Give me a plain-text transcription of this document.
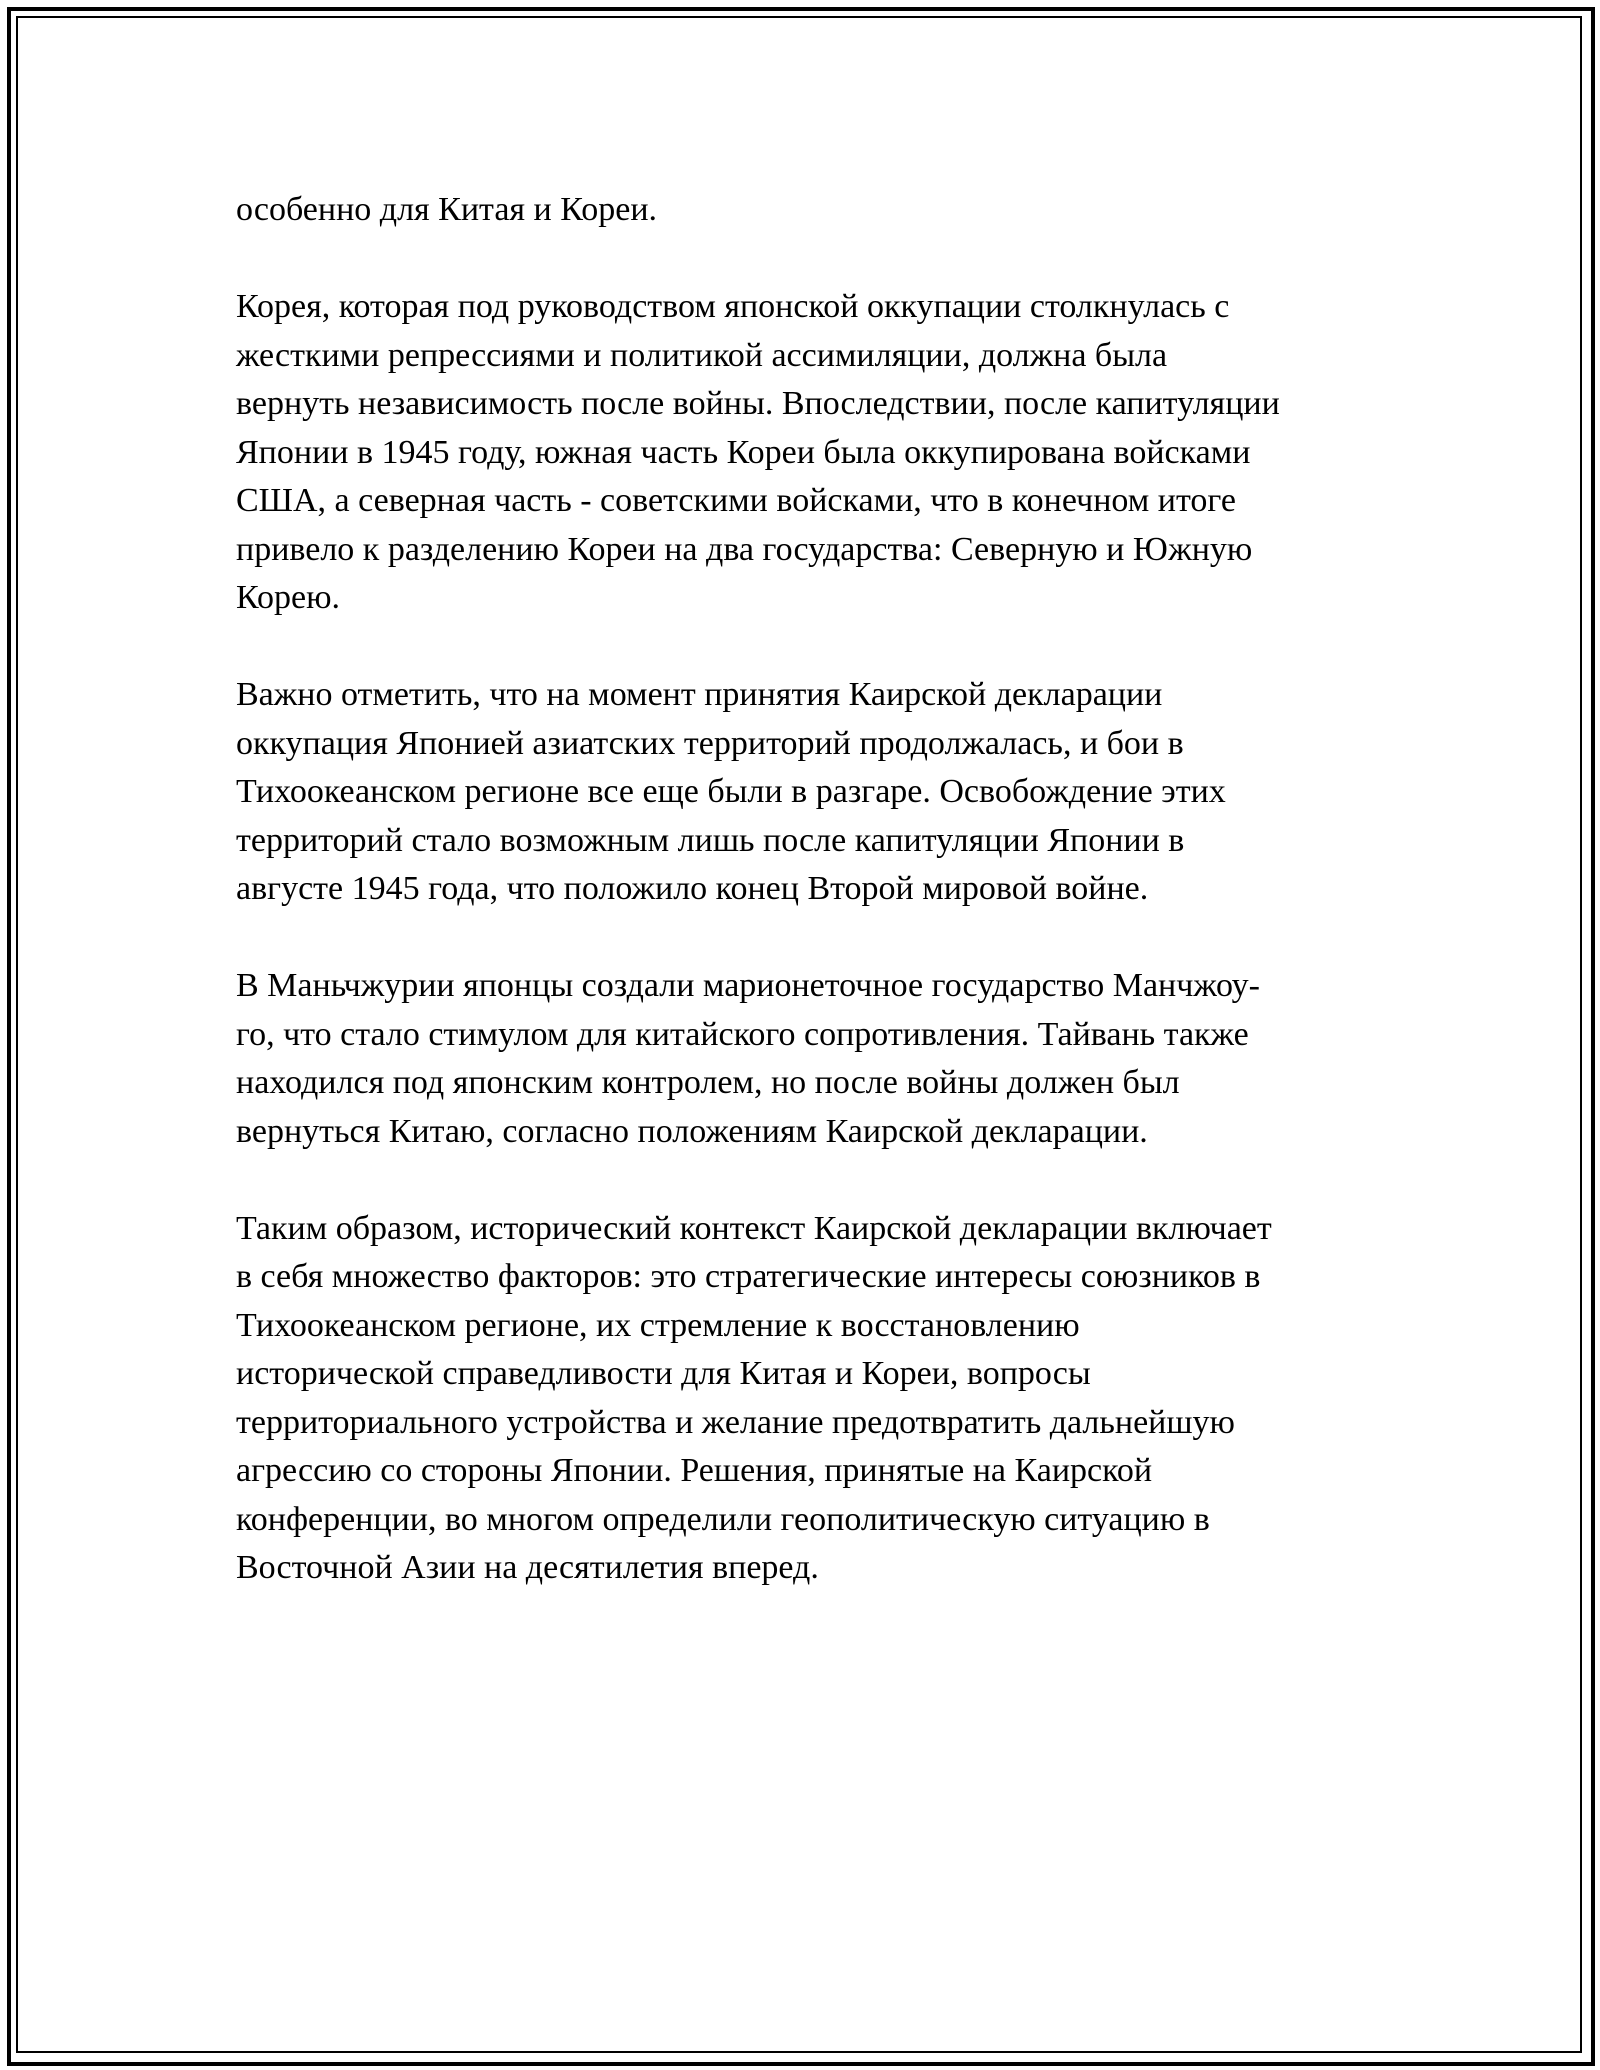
особенно для Китая и Кореи.
Корея, которая под руководством японской оккупации столкнулась с
жесткими репрессиями и политикой ассимиляции, должна была
вернуть независимость после войны. Впоследствии, после капитуляции
Японии в 1945 году, южная часть Кореи была оккупирована войсками
США, а северная часть - советскими войсками, что в конечном итоге
привело к разделению Кореи на два государства: Северную и Южную
Корею.
Важно отметить, что на момент принятия Каирской декларации
оккупация Японией азиатских территорий продолжалась, и бои в
Тихоокеанском регионе все еще были в разгаре. Освобождение этих
территорий стало возможным лишь после капитуляции Японии в
августе 1945 года, что положило конец Второй мировой войне.
В Маньчжурии японцы создали марионеточное государство Манчжоу-
го, что стало стимулом для китайского сопротивления. Тайвань также
находился под японским контролем, но после войны должен был
вернуться Китаю, согласно положениям Каирской декларации.
Таким образом, исторический контекст Каирской декларации включает
в себя множество факторов: это стратегические интересы союзников в
Тихоокеанском регионе, их стремление к восстановлению
исторической справедливости для Китая и Кореи, вопросы
территориального устройства и желание предотвратить дальнейшую
агрессию со стороны Японии. Решения, принятые на Каирской
конференции, во многом определили геополитическую ситуацию в
Восточной Азии на десятилетия вперед.
